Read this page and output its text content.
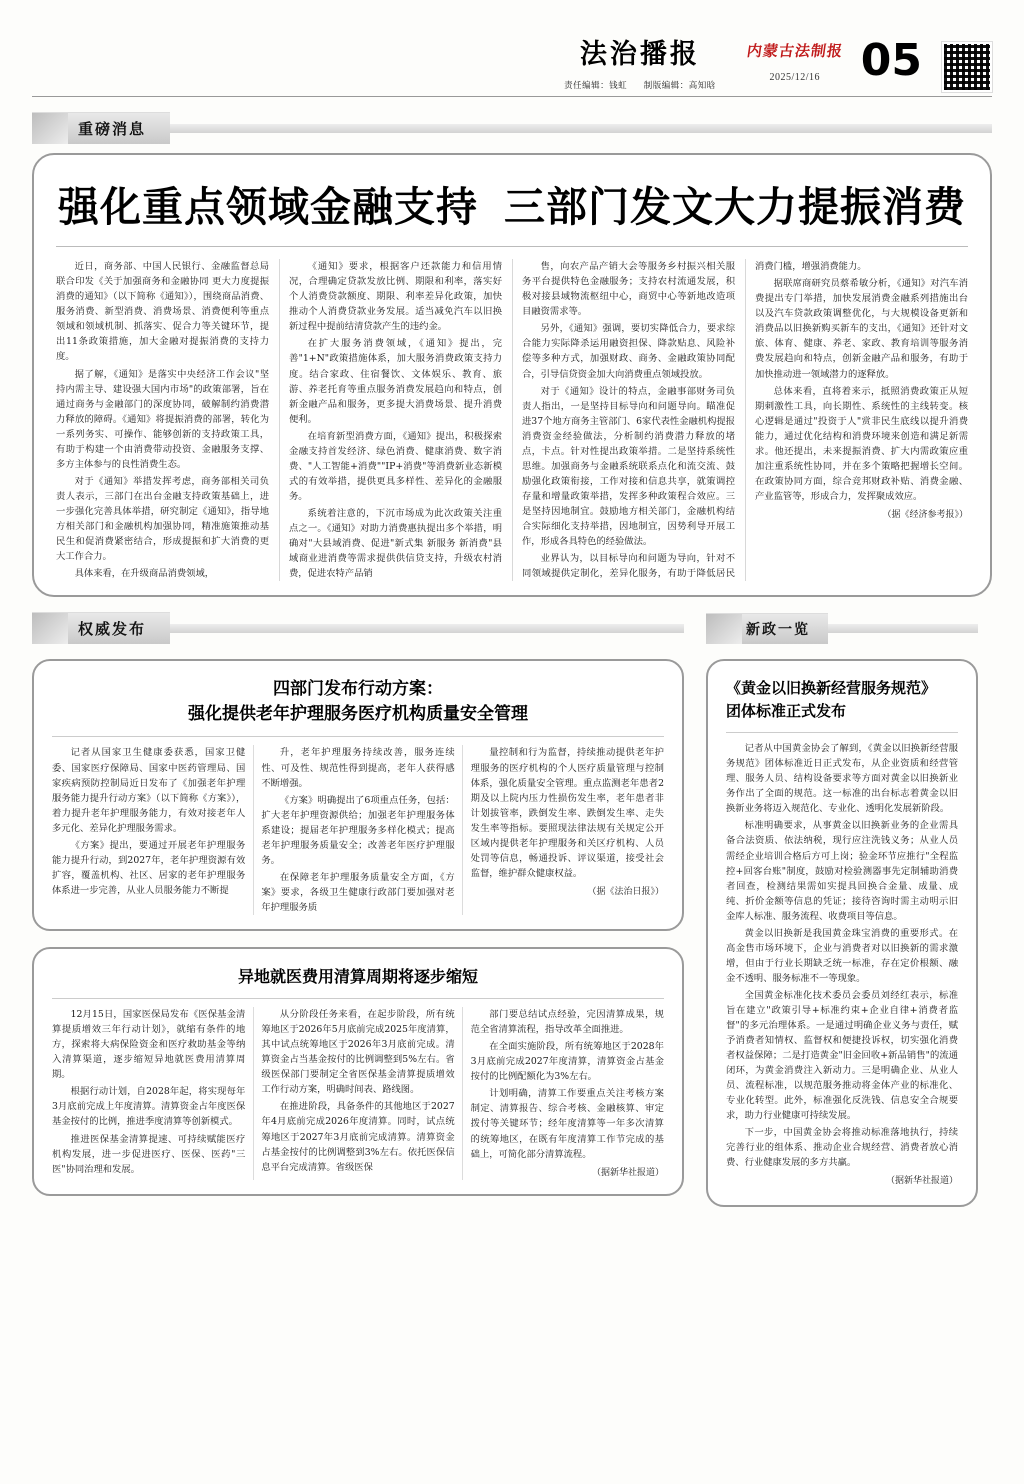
法治播报
责任编辑：钱虹 制版编辑：高知晗
内蒙古法制报
2025/12/16 05
重磅消息
强化重点领域金融支持 三部门发文大力提振消费

近日，商务部、中国人民银行、金融监督总局联合印发《关于加强商务和金融协同 更大力度提振消费的通知》（以下简称《通知》），围绕商品消费、服务消费、新型消费、消费场景、消费便利等重点领域和领域机制、抓落实、促合力等关键环节，提出11条政策措施，加大金融对提振消费的支持力度。

据了解，《通知》是落实中央经济工作会议"坚持内需主导、建设强大国内市场"的政策部署，旨在通过商务与金融部门的深度协同，破解制约消费潜力释放的障碍。《通知》将提振消费的部署，转化为一系列务实、可操作、能够创新的支持政策工具，有助于构建一个由消费带动投资、金融服务支撑、多方主体参与的良性消费生态。

对于《通知》举措发挥考虑，商务部相关司负责人表示，三部门在出台金融支持政策基础上，进一步强化完善具体举措，研究制定《通知》，指导地方相关部门和金融机构加强协同，精准施策推动基民生和促消费紧密结合，形成提振和扩大消费的更大工作合力。

具体来看，在升级商品消费领域，

《通知》要求，根据客户还款能力和信用情况，合理确定贷款发放比例、期限和利率，落实好个人消费贷款额度、期限、利率差异化政策，加快推动个人消费贷款业务发展。适当减免汽车以旧换新过程中提前结清贷款产生的违约金。

在扩大服务消费领域，《通知》提出，完善"1+N"政策措施体系，加大服务消费政策支持力度。结合家政、住宿餐饮、文体娱乐、教育、旅游、养老托育等重点服务消费发展趋向和特点，创新金融产品和服务，更多提大消费场景、提升消费便利。

在培育新型消费方面，《通知》提出，积极探索金融支持首发经济、绿色消费、健康消费、数字消费、"人工智能+消费""IP+消费"等消费新业态新模式的有效举措，提供更具多样性、差异化的金融服务。

系统着注意的，下沉市场成为此次政策关注重点之一。《通知》对助力消费惠执提出多个举措，明确对"大县域消费、促进"新式集 新服务 新消费"县域商业进消费等需求提供供信贷支持，升级农村消费，促进农特产品销

售，向农产品产销大会等服务乡村振兴相关服务平台提供特色金融服务；支持农村流通发展，积极对接县域物流枢纽中心，商贸中心等新地改造项目融资需求等。

另外，《通知》强调，要切实降低合力，要求综合能力实际降杀运用融资担保、降款贴息、风险补偿等多种方式，加强财政、商务、金融政策协同配合，引导信贷资金加大向消费重点领域投放。

对于《通知》设计的特点，金融事部财务司负责人指出，一是坚持目标导向和问题导向。瞄准促进37个地方商务主管部门、6家代表性金融机构提报消费资金经验做法，分析制约消费潜力释放的堵点，卡点。针对性提出政策举措。二是坚持系统性思维。加强商务与金融系统联系点化和流交流、鼓励强化政策衔接，工作对接和信息共享，就策调控存量和增量政策举措，发挥多种政策程合效应。三是坚持因地制宜。鼓励地方相关部门，金融机构结合实际细化支持举措，因地制宜，因势利导开展工作，形成各具特色的经验做法。

业界认为，以目标导向和问题为导向，针对不同领域提供定制化，差异化服务，有助于降低居民消费门槛，增强消费能力。

据联席商研究员蔡希敏分析，《通知》对汽车消费提出专门举措，加快发展消费金融系列措施出台以及汽车贷款政策调整优化，与大规模设备更新和消费品以旧换新购买新车的支出，《通知》还针对文旅、体育、健康、养老、家政、教育培训等服务消费发展趋向和特点，创新金融产品和服务，有助于加快推动进一领域潜力的逐释放。

总体来看，直将着来示，抵照消费政策正从短期刺激性工具，向长期性、系统性的主线转变。核心逻辑是通过"投资于人"赏非民生底线以提升消费能力，通过优化结构和消费环境来创造和满足新需求。他还提出，未来提振消费、扩大内需政策应重加注重系统性协同，并在多个策略把握增长空间。在政策协同方面，综合竞邦财政补贴、消费金融、产业监管等，形成合力，发挥聚成效应。

（据《经济参考报》）

权威发布	新政一览
四部门发布行动方案：
强化提供老年护理服务医疗机构质量安全管理

记者从国家卫生健康委获悉，国家卫健委、国家医疗保障局、国家中医药管理局、国家疾病预防控制局近日发布了《加强老年护理服务能力提升行动方案》（以下简称《方案》），着力提升老年护理服务能力，有效对接老年人多元化、差异化护理服务需求。

《方案》提出，要通过开展老年护理服务能力提升行动，到2027年，老年护理资源有效扩容，覆盖机构、社区、居家的老年护理服务体系进一步完善，从业人员服务能力不断提

升，老年护理服务持续改善，服务连续性、可及性、规范性得到提高，老年人获得感不断增强。

《方案》明确提出了6项重点任务，包括：扩大老年护理资源供给；加强老年护理服务体系建设；提届老年护理服务多样化模式；提高老年护理服务质量安全；改善老年医疗护理服务。

在保障老年护理服务质量安全方面，《方案》要求，各级卫生健康行政部门要加强对老年护理服务质

量控制和行为监督，持续推动提供老年护理服务的医疗机构的个人医疗质量管理与控制体系，强化质量安全管理。重点监测老年患者2期及以上院内压力性损伤发生率，老年患者非计划拔管率，跌倒发生率、跌倒发生率、走失发生率等指标。要照现法律法规有关规定公开区域内提供老年护理服务和关区疗机构、人员处罚等信息，畅通投诉、评议渠道，接受社会监督，维护群众健康权益。

（据《法治日报》）

异地就医费用清算周期将逐步缩短

12月15日，国家医保局发布《医保基金清算提质增效三年行动计划》，就缩有条件的地方，探索将大病保险资金和医疗救助基金等纳入清算渠道，逐步缩短异地就医费用清算周期。

根据行动计划，自2028年起，将实现每年3月底前完成上年度清算。清算资金占年度医保基金按付的比例，推进季度清算等创新模式。

推进医保基金清算提速、可持续赋能医疗机构发展，进一步促进医疗、医保、医药"三医"协同治理和发展。

从分阶段任务来看，在起步阶段，所有统筹地区于2026年5月底前完成2025年度清算，其中试点统筹地区于2026年3月底前完成。清算资金占当基金按付的比例调整到5%左右。省级医保部门要制定全省医保基金清算提质增效工作行动方案，明确时间表、路线图。

在推进阶段，具备条件的其他地区于2027年4月底前完成2026年度清算。同时，试点统筹地区于2027年3月底前完成清算。清算资金占基金按付的比例调整到3%左右。依托医保信息平台完成清算。省级医保

部门要总结试点经验，完因清算成果，规范全省清算流程，指导改革全面推进。

在全面实施阶段，所有统筹地区于2028年3月底前完成2027年度清算，清算资金占基金按付的比例配额化为3%左右。

计划明确，清算工作要重点关注考核方案制定、清算报告、综合考核、金融核算、审定拨付等关键环节；经年度清算等一年多次清算的统筹地区，在既有年度清算工作节完成的基础上，可简化部分清算流程。

（据新华社报道）

《黄金以旧换新经营服务规范》
团体标准正式发布

记者从中国黄金协会了解到，《黄金以旧换新经营服务规范》团体标准近日正式发布，从企业资质和经营管理、服务人员、结构设备要求等方面对黄金以旧换新业务作出了全面的规范。这一标准的出台标志着黄金以旧换新业务将迈入规范化、专业化、透明化发展新阶段。

标准明确要求，从事黄金以旧换新业务的企业需具备合法资质、依法纳税，现行应注洗钱义务；从业人员需经企业培训合格后方可上岗；验金环节应推行"全程监控+回客台账"制度，鼓励对检验测器事先定制辅助消费者回查，检测结果需如实提具回换合金量、成量、成纯、折价金额等信息的凭证；接待咨询时需主动明示旧金库人标准、服务流程、收费项目等信息。

黄金以旧换新是我国黄金珠宝消费的重要形式。在高金售市场环境下，企业与消费者对以旧换新的需求激增，但由于行业长期缺乏统一标准，存在定价根额、融金不透明、服务标准不一等现象。

全国黄金标准化技术委员会委员刘经红表示，标准旨在建立"政策引导+标准约束+企业自律+消费者监督"的多元治理体系。一是通过明确企业义务与责任，赋予消费者知情权、监督权和便捷投诉权，切实强化消费者权益保障；二是打造黄金"旧金回收+新品销售"的流通闭环，为黄金消费注入新动力。三是明确企业、从业人员、流程标准，以规范服务推动将金体产业的标准化、专业化转型。此外，标准强化反洗钱、信息安全合规要求，助力行业健康可持续发展。

下一步，中国黄金协会将推动标准落地执行，持续完善行业的组体系、推动企业合规经营、消费者放心消费、行业健康发展的多方共赢。

（据新华社报道）
